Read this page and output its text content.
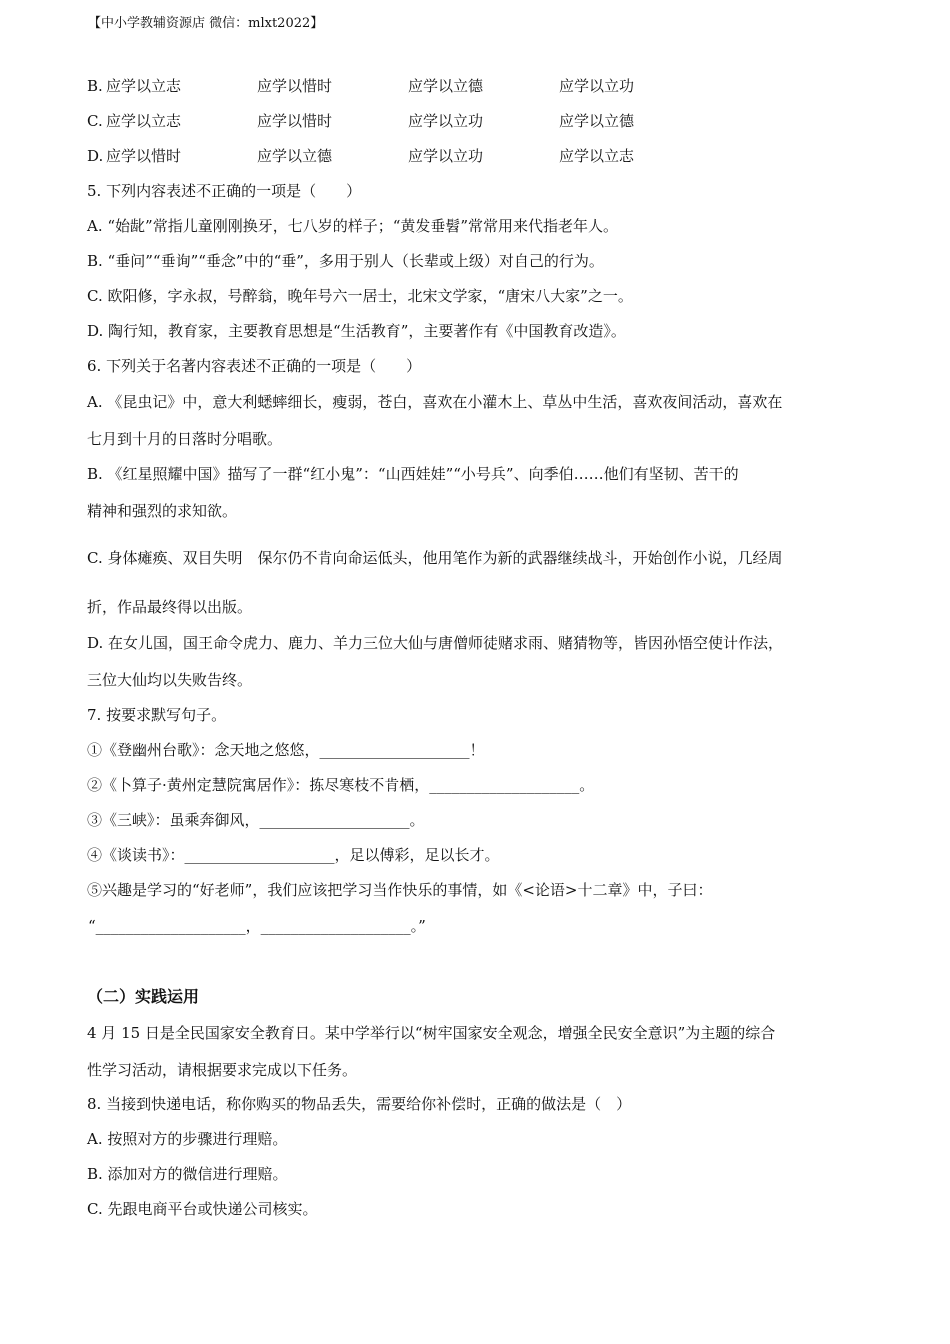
【中小学教辅资源店 微信：mlxt2022】
B. 应学以立志	应学以惜时	应学以立德	应学以立功
C. 应学以立志	应学以惜时	应学以立功	应学以立德
D. 应学以惜时	应学以立德	应学以立功	应学以立志
5. 下列内容表述不正确的一项是（　　）
A. “始龀”常指儿童刚刚换牙，七八岁的样子；“黄发垂髫”常常用来代指老年人。
B. “垂问”“垂询”“垂念”中的“垂”，多用于别人（长辈或上级）对自己的行为。
C. 欧阳修，字永叔，号醉翁，晚年号六一居士，北宋文学家，“唐宋八大家”之一。
D. 陶行知，教育家，主要教育思想是“生活教育”，主要著作有《中国教育改造》。
6. 下列关于名著内容表述不正确的一项是（　　）
A. 《昆虫记》中，意大利蟋蟀细长，瘦弱，苍白，喜欢在小灌木上、草丛中生活，喜欢夜间活动，喜欢在
七月到十月的日落时分唱歌。
B. 《红星照耀中国》描写了一群“红小鬼”：“山西娃娃”“小号兵”、向季伯……他们有坚韧、苦干的
精神和强烈的求知欲。
C. 身体瘫痪、双目失明　保尔仍不肯向命运低头，他用笔作为新的武器继续战斗，开始创作小说，几经周
折，作品最终得以出版。
D. 在女儿国，国王命令虎力、鹿力、羊力三位大仙与唐僧师徒赌求雨、赌猜物等，皆因孙悟空使计作法，
三位大仙均以失败告终。
7. 按要求默写句子。
①《登幽州台歌》：念天地之悠悠，____________________！
②《卜算子·黄州定慧院寓居作》：拣尽寒枝不肯栖，____________________。
③《三峡》：虽乘奔御风，____________________。
④《谈读书》：____________________，足以傅彩，足以长才。
⑤兴趣是学习的“好老师”，我们应该把学习当作快乐的事情，如《<论语>十二章》中，子曰：
“____________________，____________________。”
（二）实践运用
4 月 15 日是全民国家安全教育日。某中学举行以“树牢国家安全观念，增强全民安全意识”为主题的综合
性学习活动，请根据要求完成以下任务。
8. 当接到快递电话，称你购买的物品丢失，需要给你补偿时，正确的做法是（　）
A. 按照对方的步骤进行理赔。
B. 添加对方的微信进行理赔。
C. 先跟电商平台或快递公司核实。
